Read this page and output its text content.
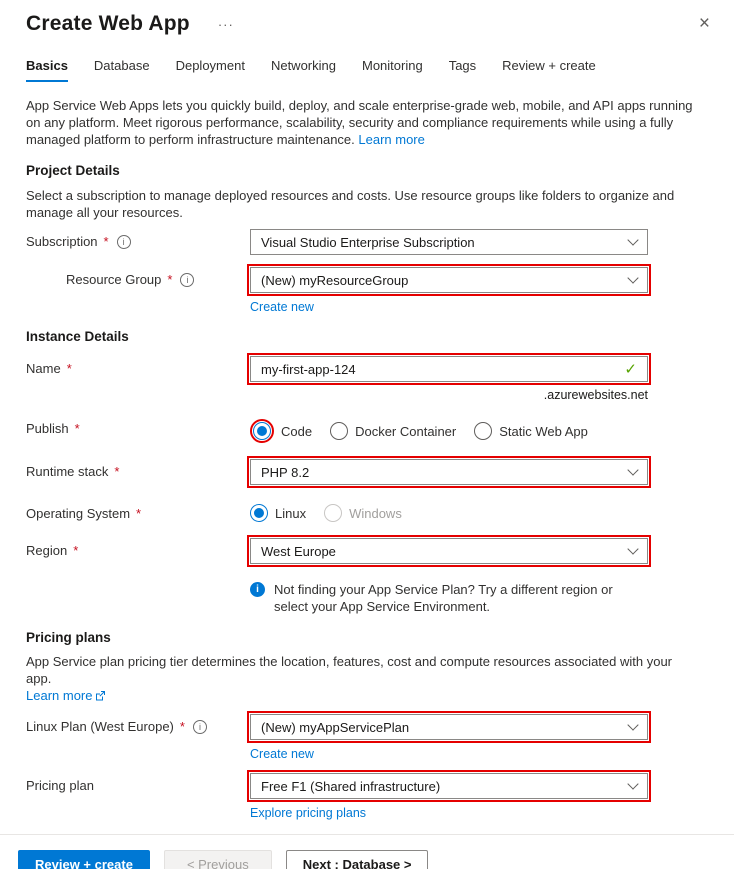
Create Web App ···	×
Basics Database Deployment Networking Monitoring Tags Review + create

App Service Web Apps lets you quickly build, deploy, and scale enterprise-grade web, mobile, and API apps running on any platform. Meet rigorous performance, scalability, security and compliance requirements while using a fully managed platform to perform infrastructure maintenance. Learn more

Project Details

Select a subscription to manage deployed resources and costs. Use resource groups like folders to organize and manage all your resources.

Subscription *	i	Visual Studio Enterprise Subscription
Resource Group *	i	(New) myResourceGroup
Create new
Instance Details
Name *
my-first-app-124	✓
.azurewebsites.net
Publish *	Code	Docker Container	Static Web App
Runtime stack *	PHP 8.2
Operating System *	Linux	Windows
Region *	West Europe
i	Not finding your App Service Plan? Try a different region or select your App Service Environment.
Pricing plans

App Service plan pricing tier determines the location, features, cost and compute resources associated with your app.
Learn more

Linux Plan (West Europe) *	i	(New) myAppServicePlan
Create new
Pricing plan	Free F1 (Shared infrastructure)
Explore pricing plans
Review + create	< Previous	Next : Database >
